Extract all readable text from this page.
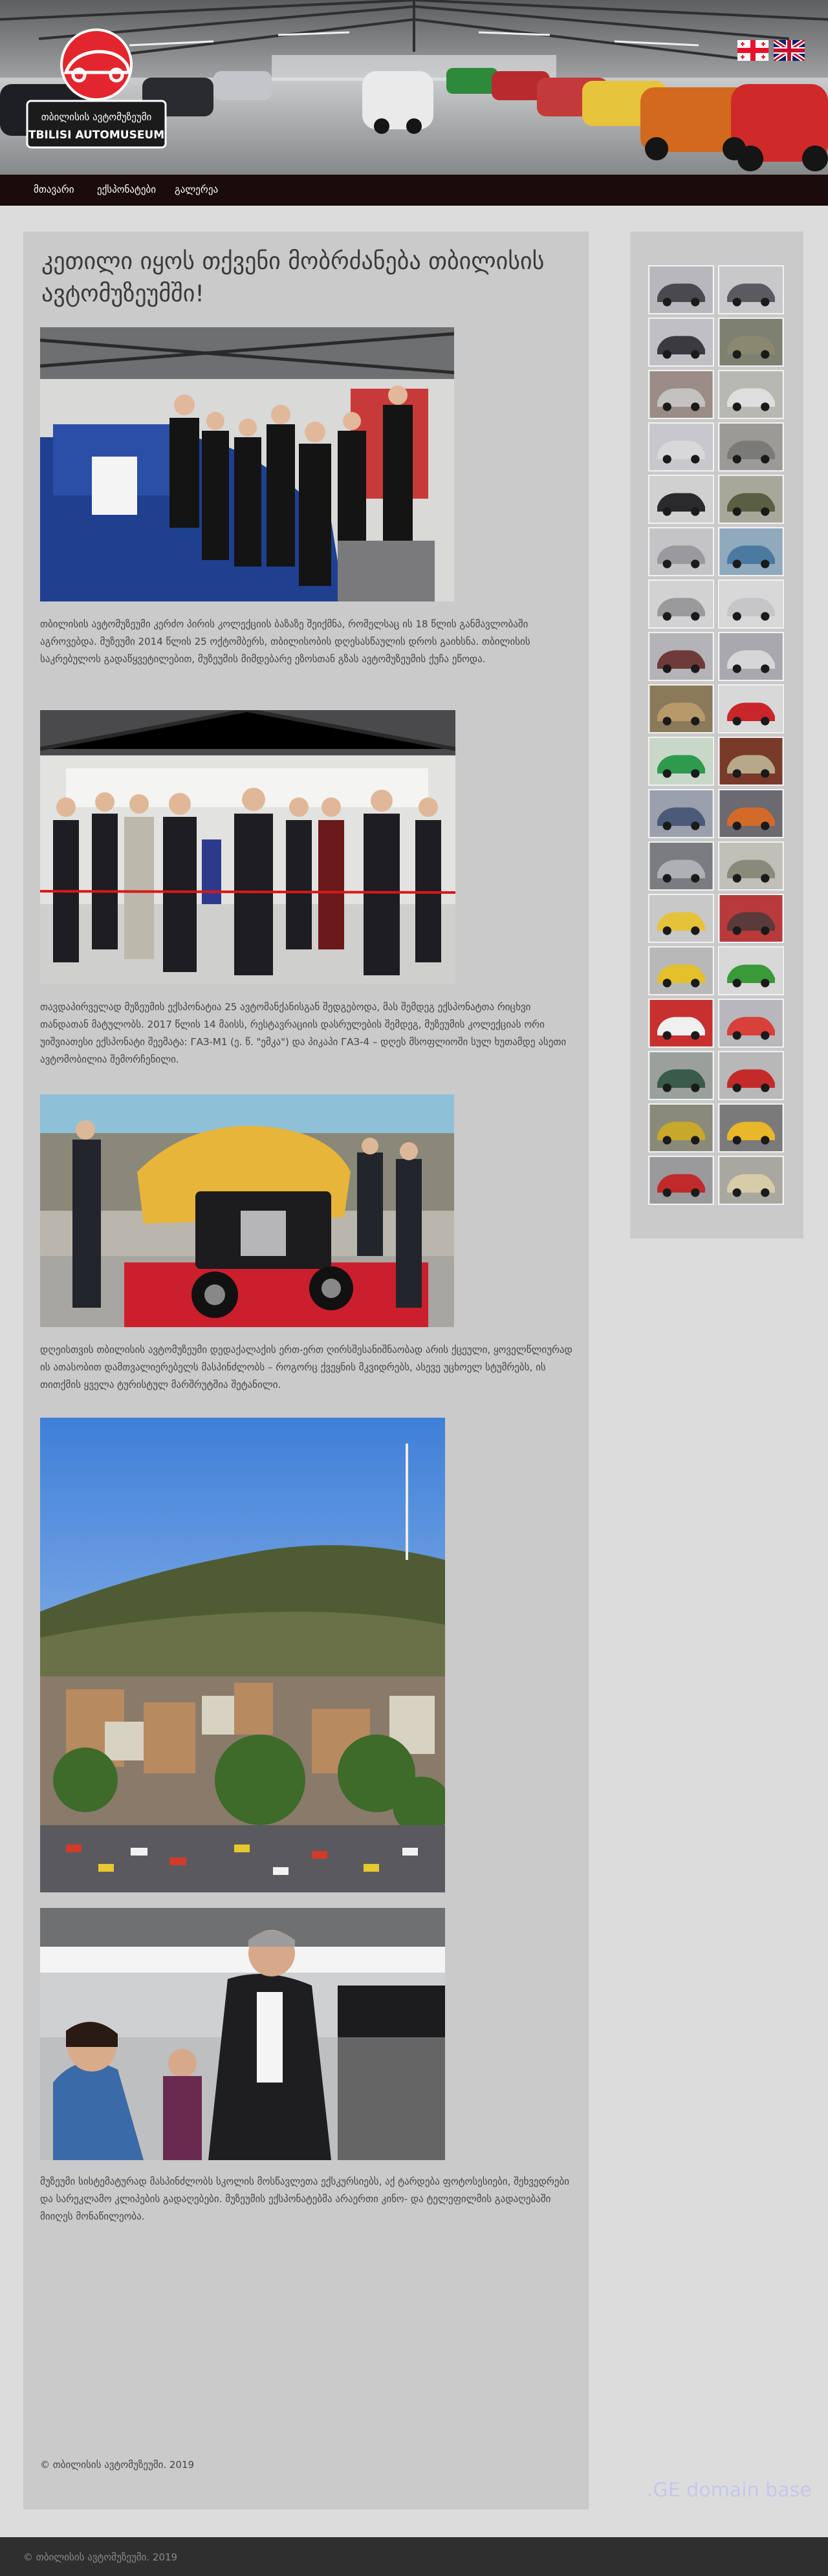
თბილისის ავტომუზეუმი
TBILISI AUTOMUSEUM
მთავარი ექსპონატები გალერეა
კეთილი იყოს თქვენი მობრძანება თბილისის ავტომუზეუმში!

თბილისის ავტომუზეუმი კერძო პირის კოლექციის ბაზაზე შეიქმნა, რომელსაც ის 18 წლის განმავლობაში აგროვებდა. მუზეუმი 2014 წლის 25 ოქტომბერს, თბილისობის დღესასწაულის დროს გაიხსნა. თბილისის საკრებულოს გადაწყვეტილებით, მუზეუმის მიმდებარე ეზოსთან გზას ავტომუზეუმის ქუჩა ეწოდა.

თავდაპირველად მუზეუმის ექსპონატია 25 ავტომანქანისგან შედგებოდა, მას შემდეგ ექსპონატთა რიცხვი თანდათან მატულობს. 2017 წლის 14 მაისს, რესტავრაციის დასრულების შემდეგ, მუზეუმის კოლექციას ორი უიშვიათესი ექსპონატი შეემატა: ГАЗ-М1 (ე. წ. "ემკა") და პიკაპი ГАЗ-4 – დღეს მსოფლიოში სულ ხუთამდე ასეთი ავტომობილია შემორჩენილი.

დღეისთვის თბილისის ავტომუზეუმი დედაქალაქის ერთ-ერთ ღირსშესანიშნაობად არის ქცეული, ყოველწლიურად ის ათასობით დამთვალიერებელს მასპინძლობს – როგორც ქვეყნის მკვიდრებს, ასევე უცხოელ სტუმრებს, ის თითქმის ყველა ტურისტულ მარშრუტშია შეტანილი.

მუზეუმი სისტემატურად მასპინძლობს სკოლის მოსწავლეთა ექსკურსიებს, აქ ტარდება ფოტოსესიები, შეხვედრები და სარეკლამო კლიპების გადაღებები. მუზეუმის ექსპონატებმა არაერთი კინო- და ტელეფილმის გადაღებაში მიიღეს მონაწილეობა.

© თბილისის ავტომუზეუმი. 2019
.GE domain base
© თბილისის ავტომუზეუმი. 2019
